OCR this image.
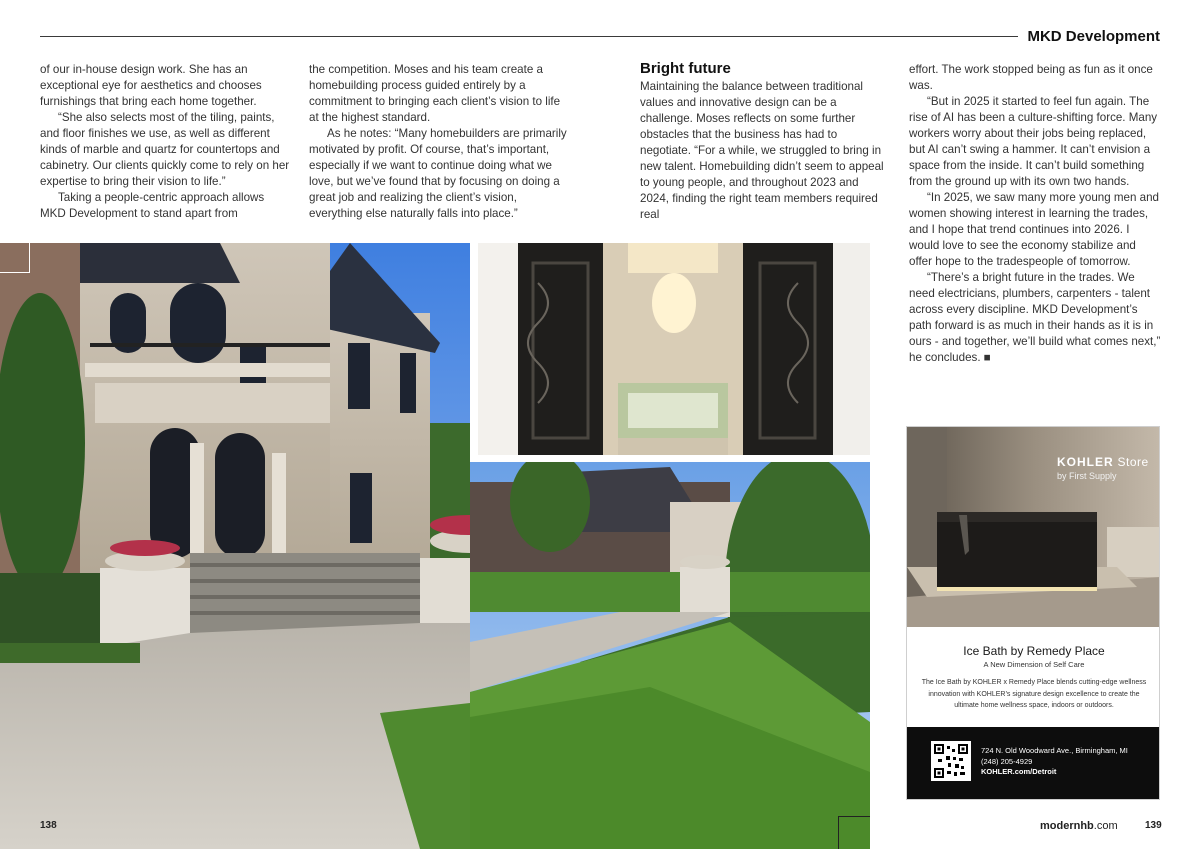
MKD Development

of our in-house design work. She has an exceptional eye for aesthetics and chooses furnishings that bring each home together.

“She also selects most of the tiling, paints, and floor finishes we use, as well as different kinds of marble and quartz for countertops and cabinetry. Our clients quickly come to rely on her expertise to bring their vision to life.”

Taking a people-centric approach allows MKD Development to stand apart from

the competition. Moses and his team create a homebuilding process guided entirely by a commitment to bringing each client’s vision to life at the highest standard.

As he notes: “Many homebuilders are primarily motivated by profit. Of course, that’s important, especially if we want to continue doing what we love, but we’ve found that by focusing on doing a great job and realizing the client’s vision, everything else naturally falls into place.”

Bright future

Maintaining the balance between traditional values and innovative design can be a challenge. Moses reflects on some further obstacles that the business has had to negotiate. “For a while, we struggled to bring in new talent. Homebuilding didn’t seem to appeal to young people, and throughout 2023 and 2024, finding the right team members required real

effort. The work stopped being as fun as it once was.

“But in 2025 it started to feel fun again. The rise of AI has been a culture-shifting force. Many workers worry about their jobs being replaced, but AI can’t swing a hammer. It can’t envision a space from the inside. It can’t build something from the ground up with its own two hands.

“In 2025, we saw many more young men and women showing interest in learning the trades, and I hope that trend continues into 2026. I would love to see the economy stabilize and offer hope to the tradespeople of tomorrow.

“There’s a bright future in the trades. We need electricians, plumbers, carpenters - talent across every discipline. MKD Development’s path forward is as much in their hands as it is in ours - and together, we’ll build what comes next,” he concludes. ■

KOHLER Store
by First Supply
Ice Bath by Remedy Place
A New Dimension of Self Care
The Ice Bath by KOHLER x Remedy Place blends cutting-edge wellness innovation with KOHLER’s signature design excellence to create the ultimate home wellness space, indoors or outdoors.
724 N. Old Woodward Ave., Birmingham, MI
(248) 205-4929
KOHLER.com/Detroit
138	modernhb.com	139
